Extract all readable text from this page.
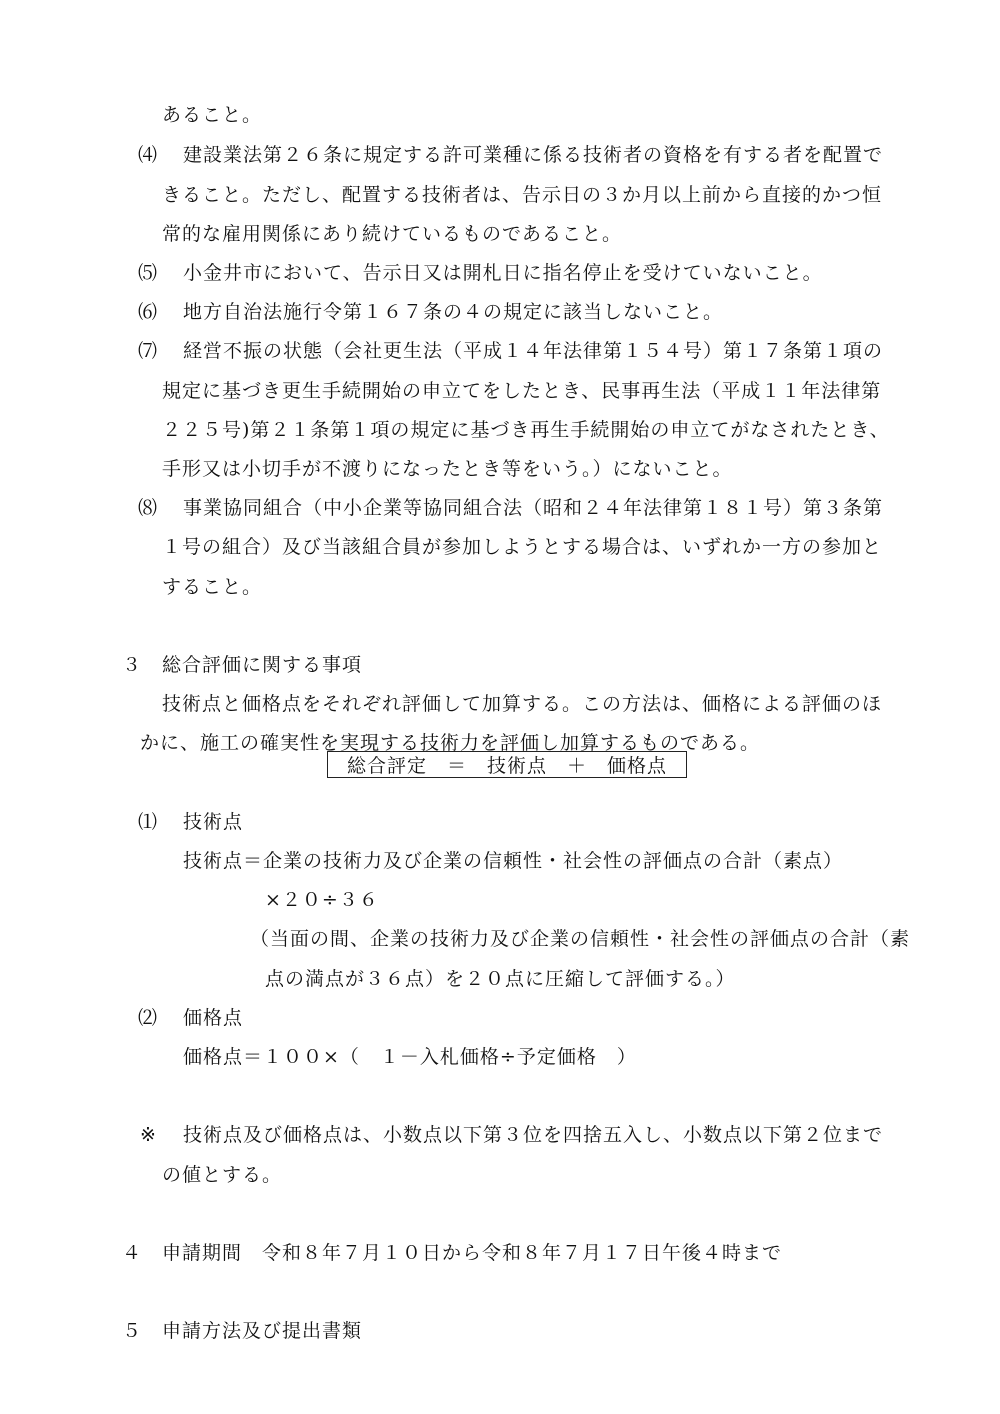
あること。
⑷ 建設業法第２６条に規定する許可業種に係る技術者の資格を有する者を配置で
きること。ただし、配置する技術者は、告示日の３か月以上前から直接的かつ恒
常的な雇用関係にあり続けているものであること。
⑸ 小金井市において、告示日又は開札日に指名停止を受けていないこと。
⑹ 地方自治法施行令第１６７条の４の規定に該当しないこと。
⑺ 経営不振の状態（会社更生法（平成１４年法律第１５４号）第１７条第１項の
規定に基づき更生手続開始の申立てをしたとき、民事再生法（平成１１年法律第
２２５号)第２１条第１項の規定に基づき再生手続開始の申立てがなされたとき、
手形又は小切手が不渡りになったとき等をいう。）にないこと。
⑻ 事業協同組合（中小企業等協同組合法（昭和２４年法律第１８１号）第３条第
１号の組合）及び当該組合員が参加しようとする場合は、いずれか一方の参加と
すること。
３ 総合評価に関する事項
技術点と価格点をそれぞれ評価して加算する。この方法は、価格による評価のほ
かに、施工の確実性を実現する技術力を評価し加算するものである。
総合評定　＝　技術点　＋　価格点
⑴ 技術点
技術点＝企業の技術力及び企業の信頼性・社会性の評価点の合計（素点）
×２０÷３６
（当面の間、企業の技術力及び企業の信頼性・社会性の評価点の合計（素
点の満点が３６点）を２０点に圧縮して評価する。）
⑵ 価格点
価格点＝１００×（　１－入札価格÷予定価格　）
※ 技術点及び価格点は、小数点以下第３位を四捨五入し、小数点以下第２位まで
の値とする。
４ 申請期間　令和８年７月１０日から令和８年７月１７日午後４時まで
５ 申請方法及び提出書類
